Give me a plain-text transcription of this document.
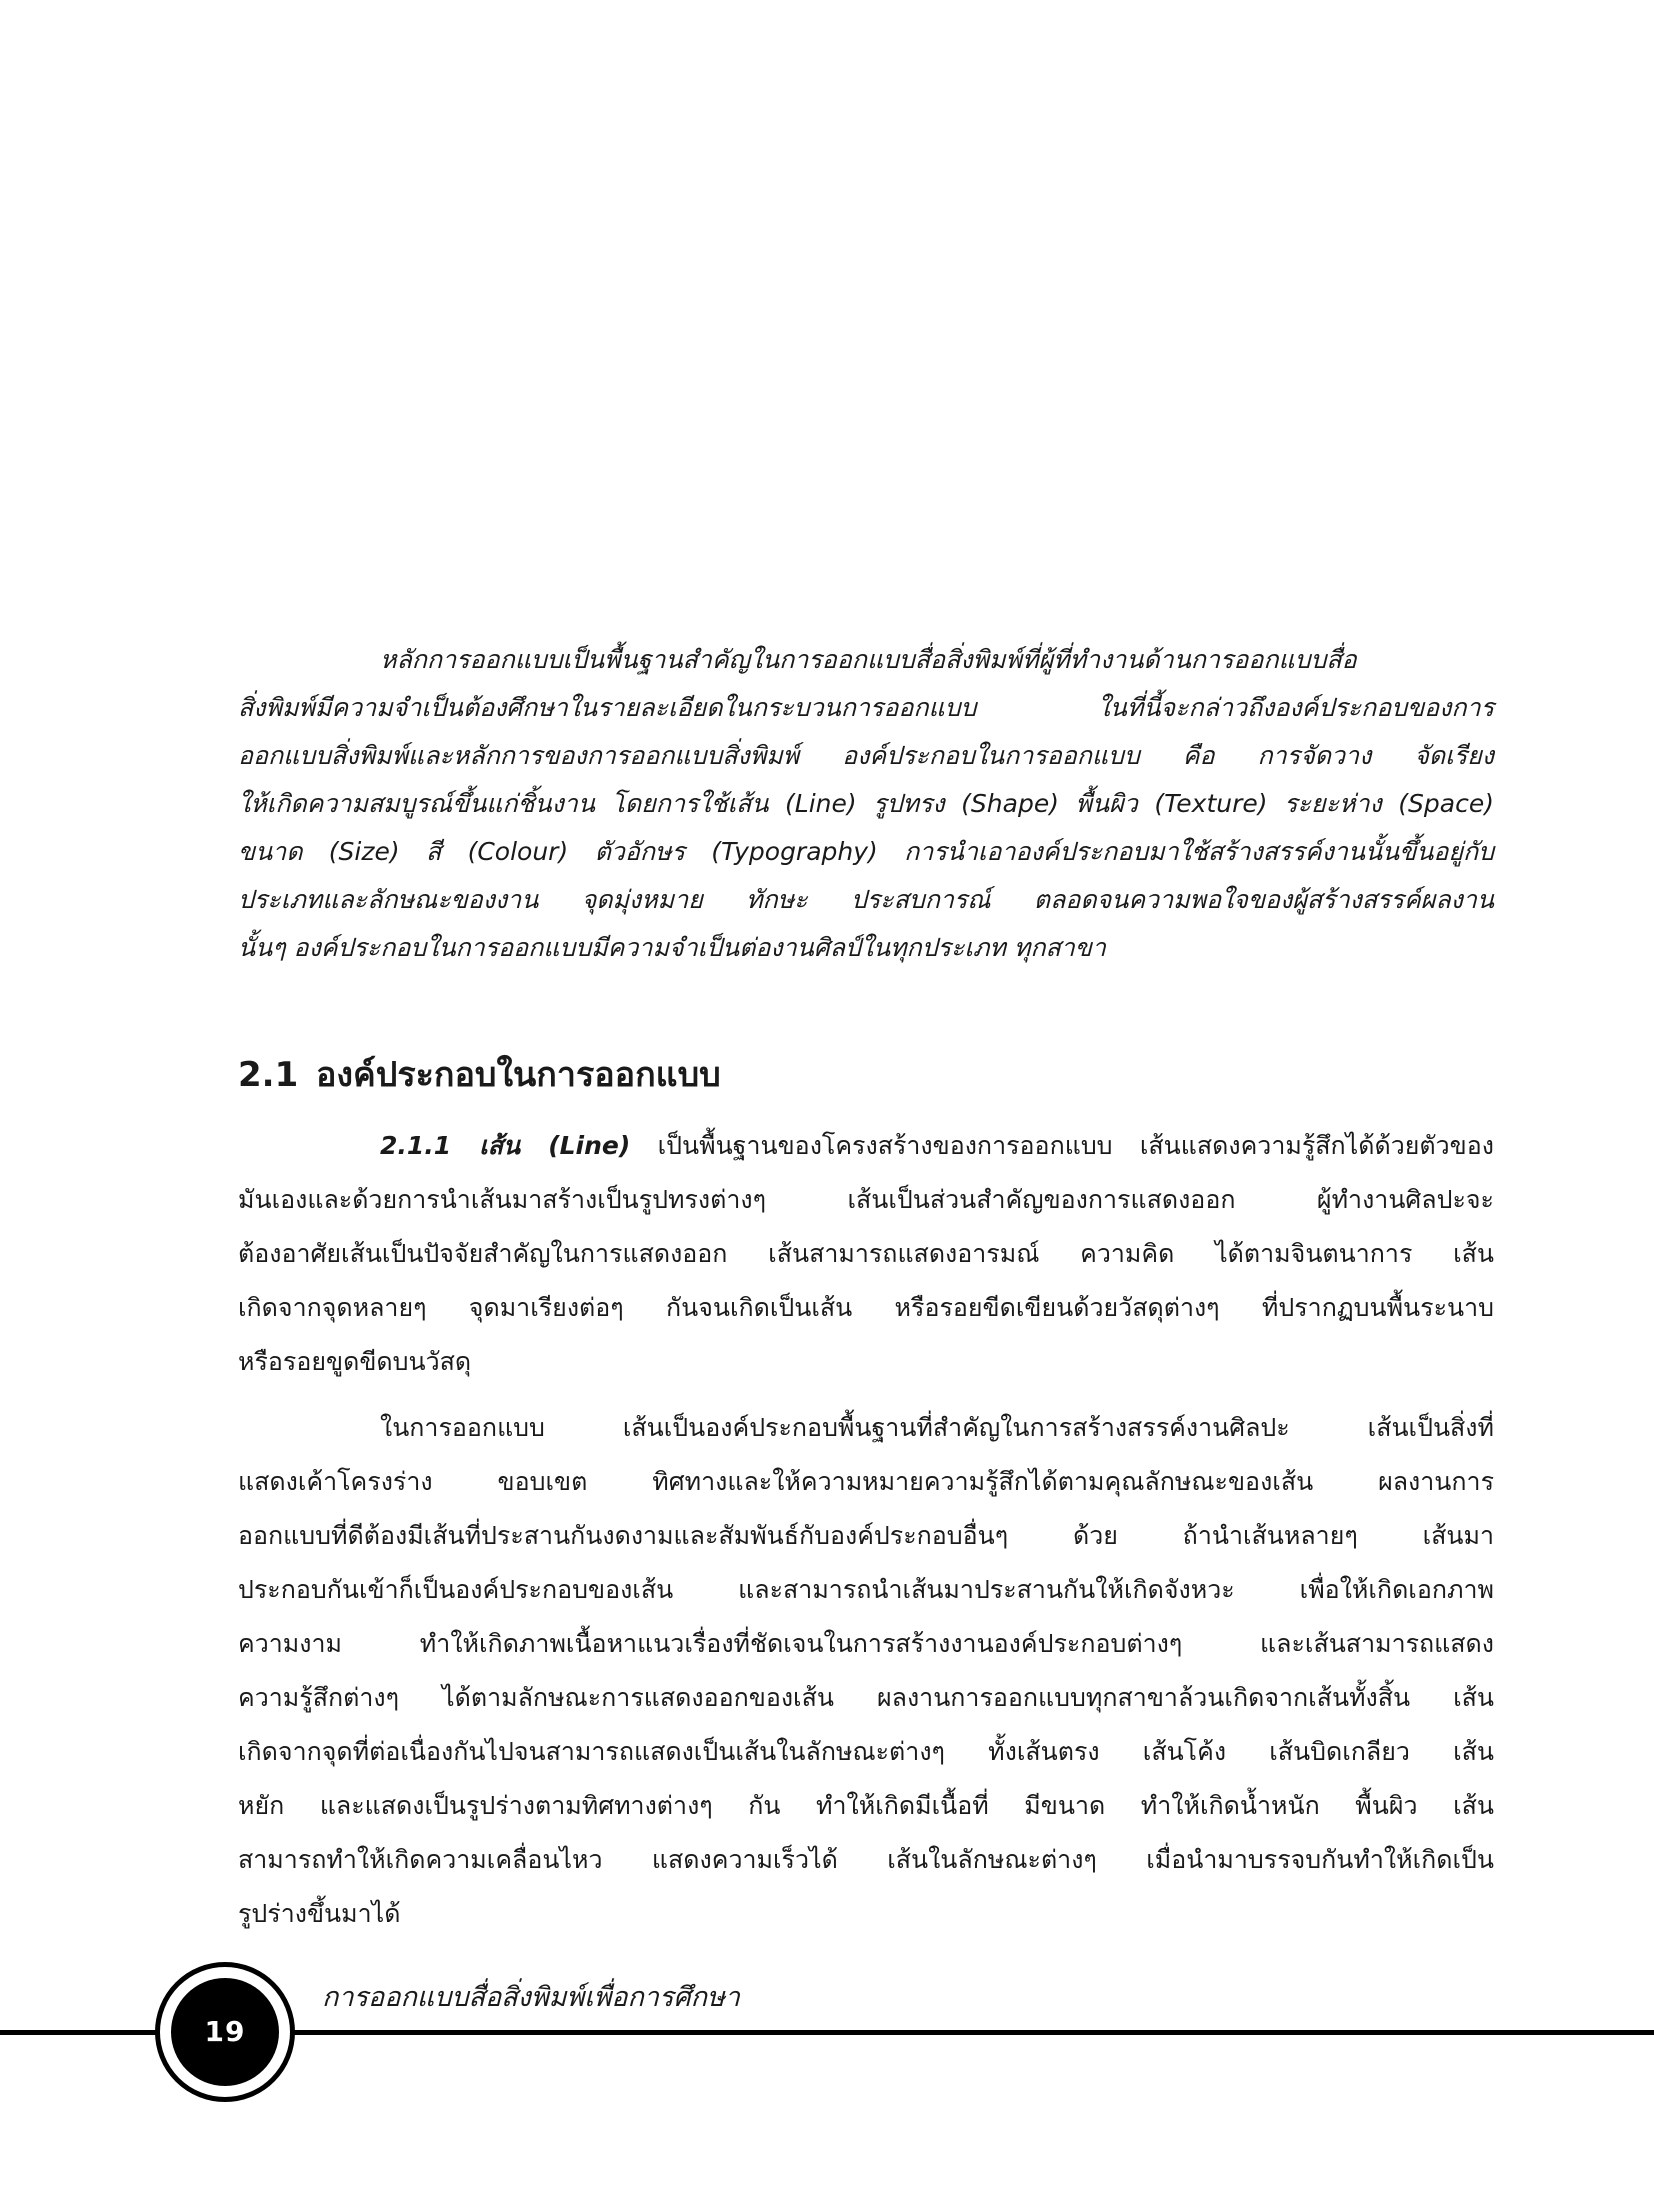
หลักการออกแบบเป็นพื้นฐานสำคัญในการออกแบบสื่อสิ่งพิมพ์ที่ผู้ที่ทำงานด้านการออกแบบสื่อ

สิ่งพิมพ์มีความจำเป็นต้องศึกษาในรายละเอียดในกระบวนการออกแบบ ในที่นี้จะกล่าวถึงองค์ประกอบของการ

ออกแบบสิ่งพิมพ์และหลักการของการออกแบบสิ่งพิมพ์ องค์ประกอบในการออกแบบ คือ การจัดวาง จัดเรียง

ให้เกิดความสมบูรณ์ขึ้นแก่ชิ้นงาน โดยการใช้เส้น (Line) รูปทรง (Shape) พื้นผิว (Texture) ระยะห่าง (Space)

ขนาด (Size) สี (Colour) ตัวอักษร (Typography) การนำเอาองค์ประกอบมาใช้สร้างสรรค์งานนั้นขึ้นอยู่กับ

ประเภทและลักษณะของงาน จุดมุ่งหมาย ทักษะ ประสบการณ์ ตลอดจนความพอใจของผู้สร้างสรรค์ผลงาน

นั้นๆ องค์ประกอบในการออกแบบมีความจำเป็นต่องานศิลป์ในทุกประเภท ทุกสาขา

2.1 องค์ประกอบในการออกแบบ

2.1.1 เส้น (Line) เป็นพื้นฐานของโครงสร้างของการออกแบบ เส้นแสดงความรู้สึกได้ด้วยตัวของ

มันเองและด้วยการนำเส้นมาสร้างเป็นรูปทรงต่างๆ เส้นเป็นส่วนสำคัญของการแสดงออก ผู้ทำงานศิลปะจะ

ต้องอาศัยเส้นเป็นปัจจัยสำคัญในการแสดงออก เส้นสามารถแสดงอารมณ์ ความคิด ได้ตามจินตนาการ เส้น

เกิดจากจุดหลายๆ จุดมาเรียงต่อๆ กันจนเกิดเป็นเส้น หรือรอยขีดเขียนด้วยวัสดุต่างๆ ที่ปรากฏบนพื้นระนาบ

หรือรอยขูดขีดบนวัสดุ

ในการออกแบบ เส้นเป็นองค์ประกอบพื้นฐานที่สำคัญในการสร้างสรรค์งานศิลปะ เส้นเป็นสิ่งที่

แสดงเค้าโครงร่าง ขอบเขต ทิศทางและให้ความหมายความรู้สึกได้ตามคุณลักษณะของเส้น ผลงานการ

ออกแบบที่ดีต้องมีเส้นที่ประสานกันงดงามและสัมพันธ์กับองค์ประกอบอื่นๆ ด้วย ถ้านำเส้นหลายๆ เส้นมา

ประกอบกันเข้าก็เป็นองค์ประกอบของเส้น และสามารถนำเส้นมาประสานกันให้เกิดจังหวะ เพื่อให้เกิดเอกภาพ

ความงาม ทำให้เกิดภาพเนื้อหาแนวเรื่องที่ชัดเจนในการสร้างงานองค์ประกอบต่างๆ และเส้นสามารถแสดง

ความรู้สึกต่างๆ ได้ตามลักษณะการแสดงออกของเส้น ผลงานการออกแบบทุกสาขาล้วนเกิดจากเส้นทั้งสิ้น เส้น

เกิดจากจุดที่ต่อเนื่องกันไปจนสามารถแสดงเป็นเส้นในลักษณะต่างๆ ทั้งเส้นตรง เส้นโค้ง เส้นบิดเกลียว เส้น

หยัก และแสดงเป็นรูปร่างตามทิศทางต่างๆ กัน ทำให้เกิดมีเนื้อที่ มีขนาด ทำให้เกิดน้ำหนัก พื้นผิว เส้น

สามารถทำให้เกิดความเคลื่อนไหว แสดงความเร็วได้ เส้นในลักษณะต่างๆ เมื่อนำมาบรรจบกันทำให้เกิดเป็น

รูปร่างขึ้นมาได้

19

การออกแบบสื่อสิ่งพิมพ์เพื่อการศึกษา
